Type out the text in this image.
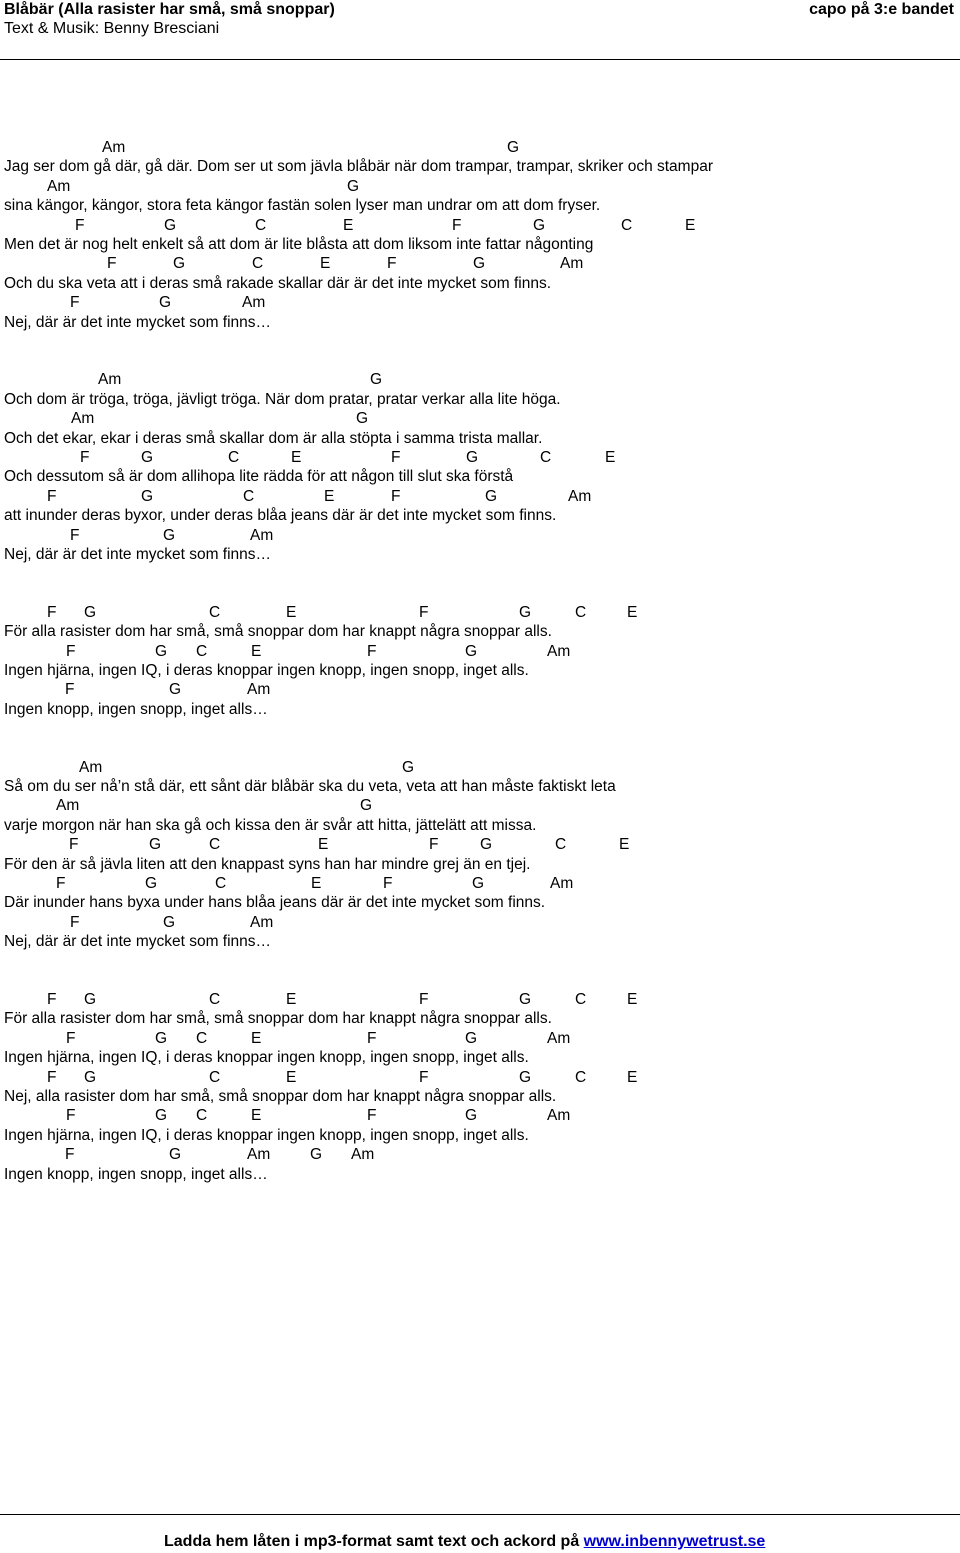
Blåbär (Alla rasister har små, små snoppar)
Text & Musik: Benny Bresciani
capo på 3:e bandet
Am	G
Jag ser dom gå där, gå där. Dom ser ut som jävla blåbär när dom trampar, trampar, skriker och stampar
Am	G
sina kängor, kängor, stora feta kängor fastän solen lyser man undrar om att dom fryser.
F	G	C	E	F	G	C	E
Men det är nog helt enkelt så att dom är lite blåsta att dom liksom inte fattar någonting
F	G	C	E	F	G	Am
Och du ska veta att i deras små rakade skallar där är det inte mycket som finns.
F	G	Am
Nej, där är det inte mycket som finns…
Am	G
Och dom är tröga, tröga, jävligt tröga. När dom pratar, pratar verkar alla lite höga.
Am	G
Och det ekar, ekar i deras små skallar dom är alla stöpta i samma trista mallar.
F	G	C	E	F	G	C	E
Och dessutom så är dom allihopa lite rädda för att någon till slut ska förstå
F	G	C	E	F	G	Am
att inunder deras byxor, under deras blåa jeans där är det inte mycket som finns.
F	G	Am
Nej, där är det inte mycket som finns…
F G	C	E	F	G	C	E
För alla rasister dom har små, små snoppar dom har knappt några snoppar alls.
F	G C	E	F	G	Am
Ingen hjärna, ingen IQ, i deras knoppar ingen knopp, ingen snopp, inget alls.
F	G	Am
Ingen knopp, ingen snopp, inget alls…
Am	G
Så om du ser nå’n stå där, ett sånt där blåbär ska du veta, veta att han måste faktiskt leta
Am	G
varje morgon när han ska gå och kissa den är svår att hitta, jättelätt att missa.
F	G	C	E	F	G	C	E
För den är så jävla liten att den knappast syns han har mindre grej än en tjej.
F	G	C	E	F	G	Am
Där inunder hans byxa under hans blåa jeans där är det inte mycket som finns.
F	G	Am
Nej, där är det inte mycket som finns…
F G	C	E	F	G	C	E
För alla rasister dom har små, små snoppar dom har knappt några snoppar alls.
F	G C	E	F	G	Am
Ingen hjärna, ingen IQ, i deras knoppar ingen knopp, ingen snopp, inget alls.
F G	C	E	F	G	C	E
Nej, alla rasister dom har små, små snoppar dom har knappt några snoppar alls.
F	G C	E	F	G	Am
Ingen hjärna, ingen IQ, i deras knoppar ingen knopp, ingen snopp, inget alls.
F	G	Am	G Am
Ingen knopp, ingen snopp, inget alls…
Ladda hem låten i mp3-format samt text och ackord på www.inbennywetrust.se
